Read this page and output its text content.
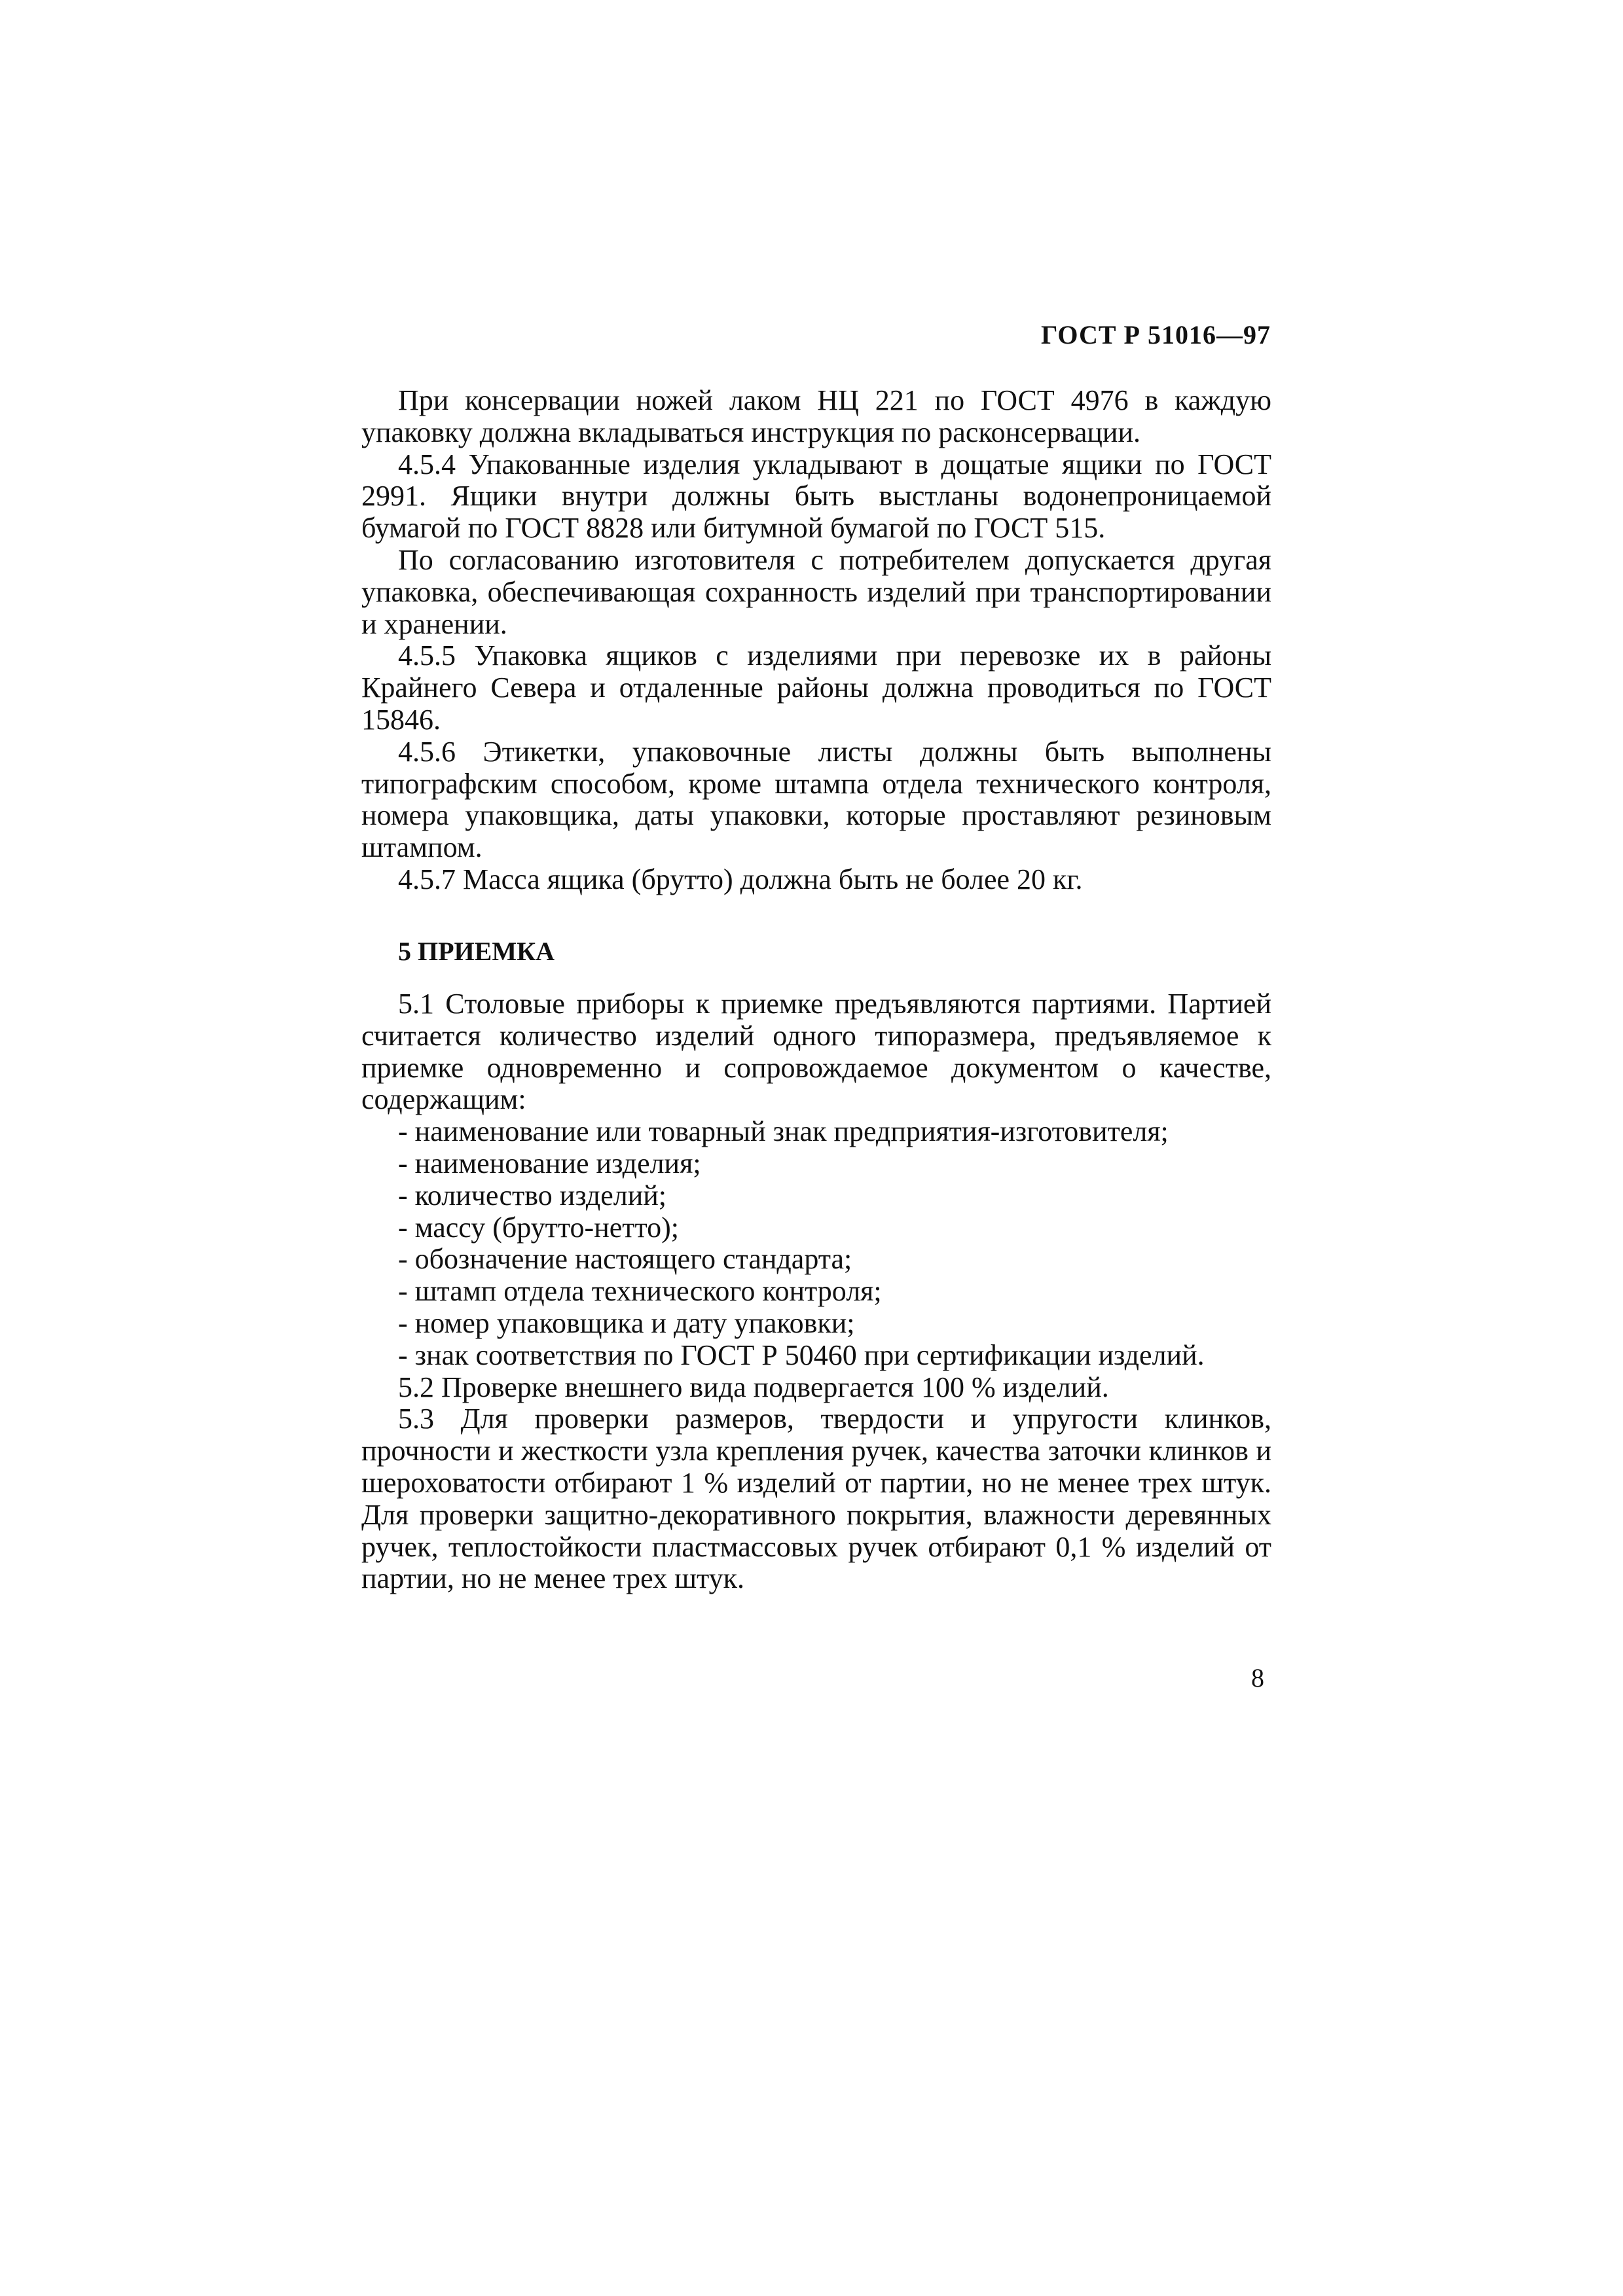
ГОСТ Р 51016—97

При консервации ножей лаком НЦ 221 по ГОСТ 4976 в каждую упаковку должна вкладываться инструкция по расконсервации.

4.5.4 Упакованные изделия укладывают в дощатые ящики по ГОСТ 2991. Ящики внутри должны быть выстланы водонепроницаемой бумагой по ГОСТ 8828 или битумной бумагой по ГОСТ 515.

По согласованию изготовителя с потребителем допускается другая упаковка, обеспечивающая сохранность изделий при транспортировании и хранении.

4.5.5 Упаковка ящиков с изделиями при перевозке их в районы Крайнего Севера и отдаленные районы должна проводиться по ГОСТ 15846.

4.5.6 Этикетки, упаковочные листы должны быть выполнены типографским способом, кроме штампа отдела технического контроля, номера упаковщика, даты упаковки, которые проставляют резиновым штампом.

4.5.7 Масса ящика (брутто) должна быть не более 20 кг.

5 ПРИЕМКА

5.1 Столовые приборы к приемке предъявляются партиями. Партией считается количество изделий одного типоразмера, предъявляемое к приемке одновременно и сопровождаемое документом о качестве, содержащим:

- наименование или товарный знак предприятия-изготовителя;
- наименование изделия;
- количество изделий;
- массу (брутто-нетто);
- обозначение настоящего стандарта;
- штамп отдела технического контроля;
- номер упаковщика и дату упаковки;
- знак соответствия по ГОСТ Р 50460 при сертификации изделий.

5.2 Проверке внешнего вида подвергается 100 % изделий.

5.3 Для проверки размеров, твердости и упругости клинков, прочности и жесткости узла крепления ручек, качества заточки клинков и шероховатости отбирают 1 % изделий от партии, но не менее трех штук. Для проверки защитно-декоративного покрытия, влажности деревянных ручек, теплостойкости пластмассовых ручек отбирают 0,1 % изделий от партии, но не менее трех штук.

8
